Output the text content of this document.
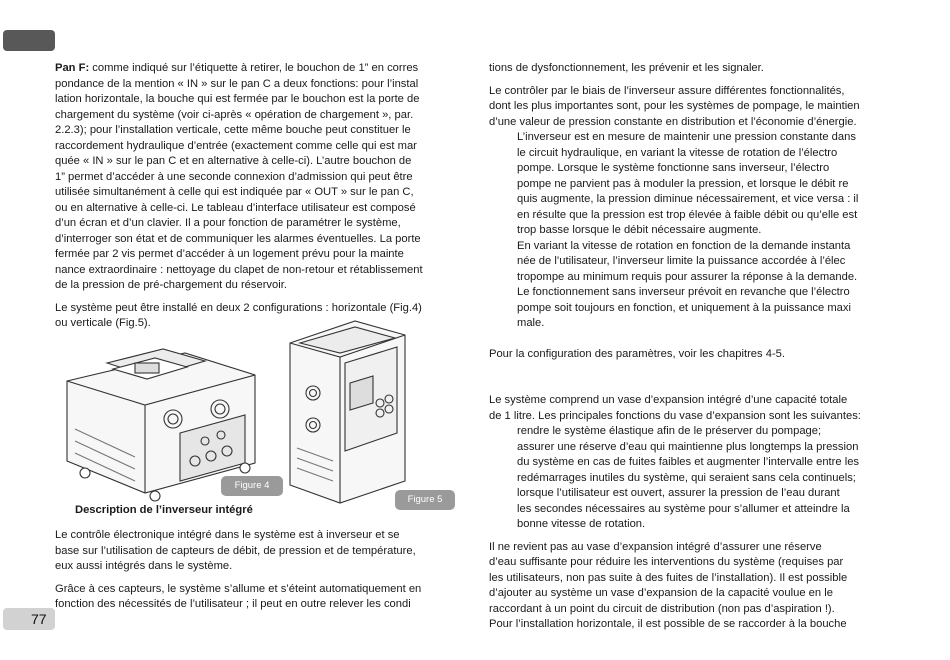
Pan F: comme indiqué sur l’étiquette à retirer, le bouchon de 1” en corres
pondance de la mention « IN » sur le pan C a deux fonctions: pour l’instal
lation horizontale, la bouche qui est fermée par le bouchon est la porte de
chargement du système (voir ci-après « opération de chargement », par.
2.2.3); pour l’installation verticale, cette même bouche peut constituer le
raccordement hydraulique d’entrée (exactement comme celle qui est mar
quée « IN » sur le pan C et en alternative à celle-ci). L’autre bouchon de
1” permet d’accéder à une seconde connexion d’admission qui peut être
utilisée simultanément à celle qui est indiquée par « OUT » sur le pan C,
ou en alternative à celle-ci. Le tableau d’interface utilisateur est composé
d’un écran et d’un clavier. Il a pour fonction de paramétrer le système,
d’interroger son état et de communiquer les alarmes éventuelles. La porte
fermée par 2 vis permet d’accéder à un logement prévu pour la mainte
nance extraordinaire : nettoyage du clapet de non-retour et rétablissement
de la pression de pré-chargement du réservoir.

Le système peut être installé en deux 2 configurations : horizontale (Fig.4)
ou verticale (Fig.5).

Figure 4
Figure 5
Description de l’inverseur intégré

Le contrôle électronique intégré dans le système est à inverseur et se
base sur l’utilisation de capteurs de débit, de pression et de température,
eux aussi intégrés dans le système.

Grâce à ces capteurs, le système s’allume et s’éteint automatiquement en
fonction des nécessités de l’utilisateur ; il peut en outre relever les condi

tions de dysfonctionnement, les prévenir et les signaler.

Le contrôler par le biais de l’inverseur assure différentes fonctionnalités,
dont les plus importantes sont, pour les systèmes de pompage, le maintien
d’une valeur de pression constante en distribution et l’économie d’énergie.

L’inverseur est en mesure de maintenir une pression constante dans
le circuit hydraulique, en variant la vitesse de rotation de l’électro
pompe. Lorsque le système fonctionne sans inverseur, l’électro
pompe ne parvient pas à moduler la pression, et lorsque le débit re
quis augmente, la pression diminue nécessairement, et vice versa : il
en résulte que la pression est trop élevée à faible débit ou qu’elle est
trop basse lorsque le débit nécessaire augmente.
En variant la vitesse de rotation en fonction de la demande instanta
née de l’utilisateur, l’inverseur limite la puissance accordée à l’élec
tropompe au minimum requis pour assurer la réponse à la demande.
Le fonctionnement sans inverseur prévoit en revanche que l’électro
pompe soit toujours en fonction, et uniquement à la puissance maxi
male.

Pour la configuration des paramètres, voir les chapitres 4-5.

Le système comprend un vase d’expansion intégré d’une capacité totale
de 1 litre. Les principales fonctions du vase d’expansion sont les suivantes:

rendre le système élastique afin de le préserver du pompage;
assurer une réserve d’eau qui maintienne plus longtemps la pression
du système en cas de fuites faibles et augmenter l’intervalle entre les
redémarrages inutiles du système, qui seraient sans cela continuels;
lorsque l’utilisateur est ouvert, assurer la pression de l’eau durant
les secondes nécessaires au système pour s’allumer et atteindre la
bonne vitesse de rotation.

Il ne revient pas au vase d’expansion intégré d’assurer une réserve
d’eau suffisante pour réduire les interventions du système (requises par
les utilisateurs, non pas suite à des fuites de l’installation). Il est possible
d’ajouter au système un vase d’expansion de la capacité voulue en le
raccordant à un point du circuit de distribution (non pas d’aspiration !).
Pour l’installation horizontale, il est possible de se raccorder à la bouche

77
